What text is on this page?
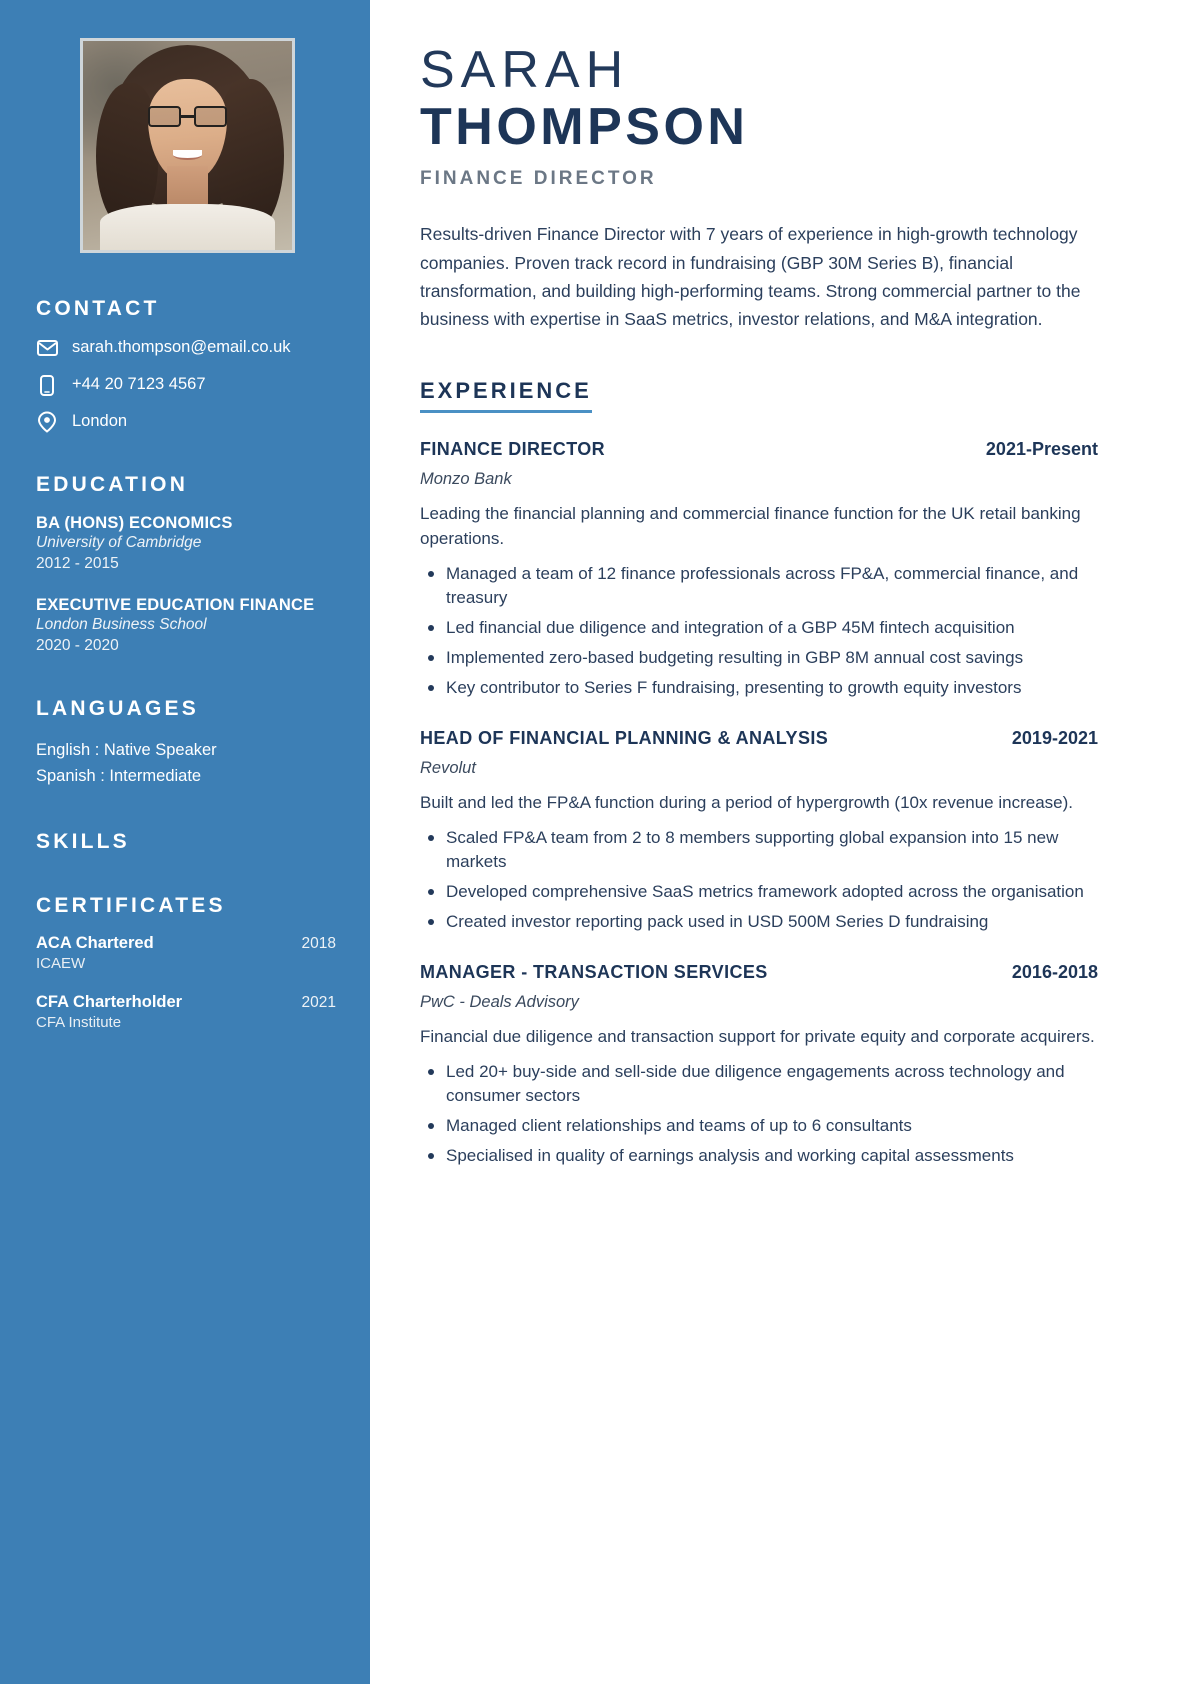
CONTACT
sarah.thompson@email.co.uk
+44 20 7123 4567
London
EDUCATION
BA (HONS) ECONOMICS
University of Cambridge
2012 - 2015
EXECUTIVE EDUCATION FINANCE
London Business School
2020 - 2020
LANGUAGES
English : Native Speaker
Spanish : Intermediate
SKILLS
CERTIFICATES
ACA Chartered	2018
ICAEW
CFA Charterholder	2021
CFA Institute
SARAH
THOMPSON
FINANCE DIRECTOR

Results-driven Finance Director with 7 years of experience in high-growth technology companies. Proven track record in fundraising (GBP 30M Series B), financial transformation, and building high-performing teams. Strong commercial partner to the business with expertise in SaaS metrics, investor relations, and M&A integration.

EXPERIENCE
FINANCE DIRECTOR	2021-Present
Monzo Bank
Leading the financial planning and commercial finance function for the UK retail banking operations.
Managed a team of 12 finance professionals across FP&A, commercial finance, and treasury
Led financial due diligence and integration of a GBP 45M fintech acquisition
Implemented zero-based budgeting resulting in GBP 8M annual cost savings
Key contributor to Series F fundraising, presenting to growth equity investors
HEAD OF FINANCIAL PLANNING & ANALYSIS	2019-2021
Revolut
Built and led the FP&A function during a period of hypergrowth (10x revenue increase).
Scaled FP&A team from 2 to 8 members supporting global expansion into 15 new markets
Developed comprehensive SaaS metrics framework adopted across the organisation
Created investor reporting pack used in USD 500M Series D fundraising
MANAGER - TRANSACTION SERVICES	2016-2018
PwC - Deals Advisory
Financial due diligence and transaction support for private equity and corporate acquirers.
Led 20+ buy-side and sell-side due diligence engagements across technology and consumer sectors
Managed client relationships and teams of up to 6 consultants
Specialised in quality of earnings analysis and working capital assessments
